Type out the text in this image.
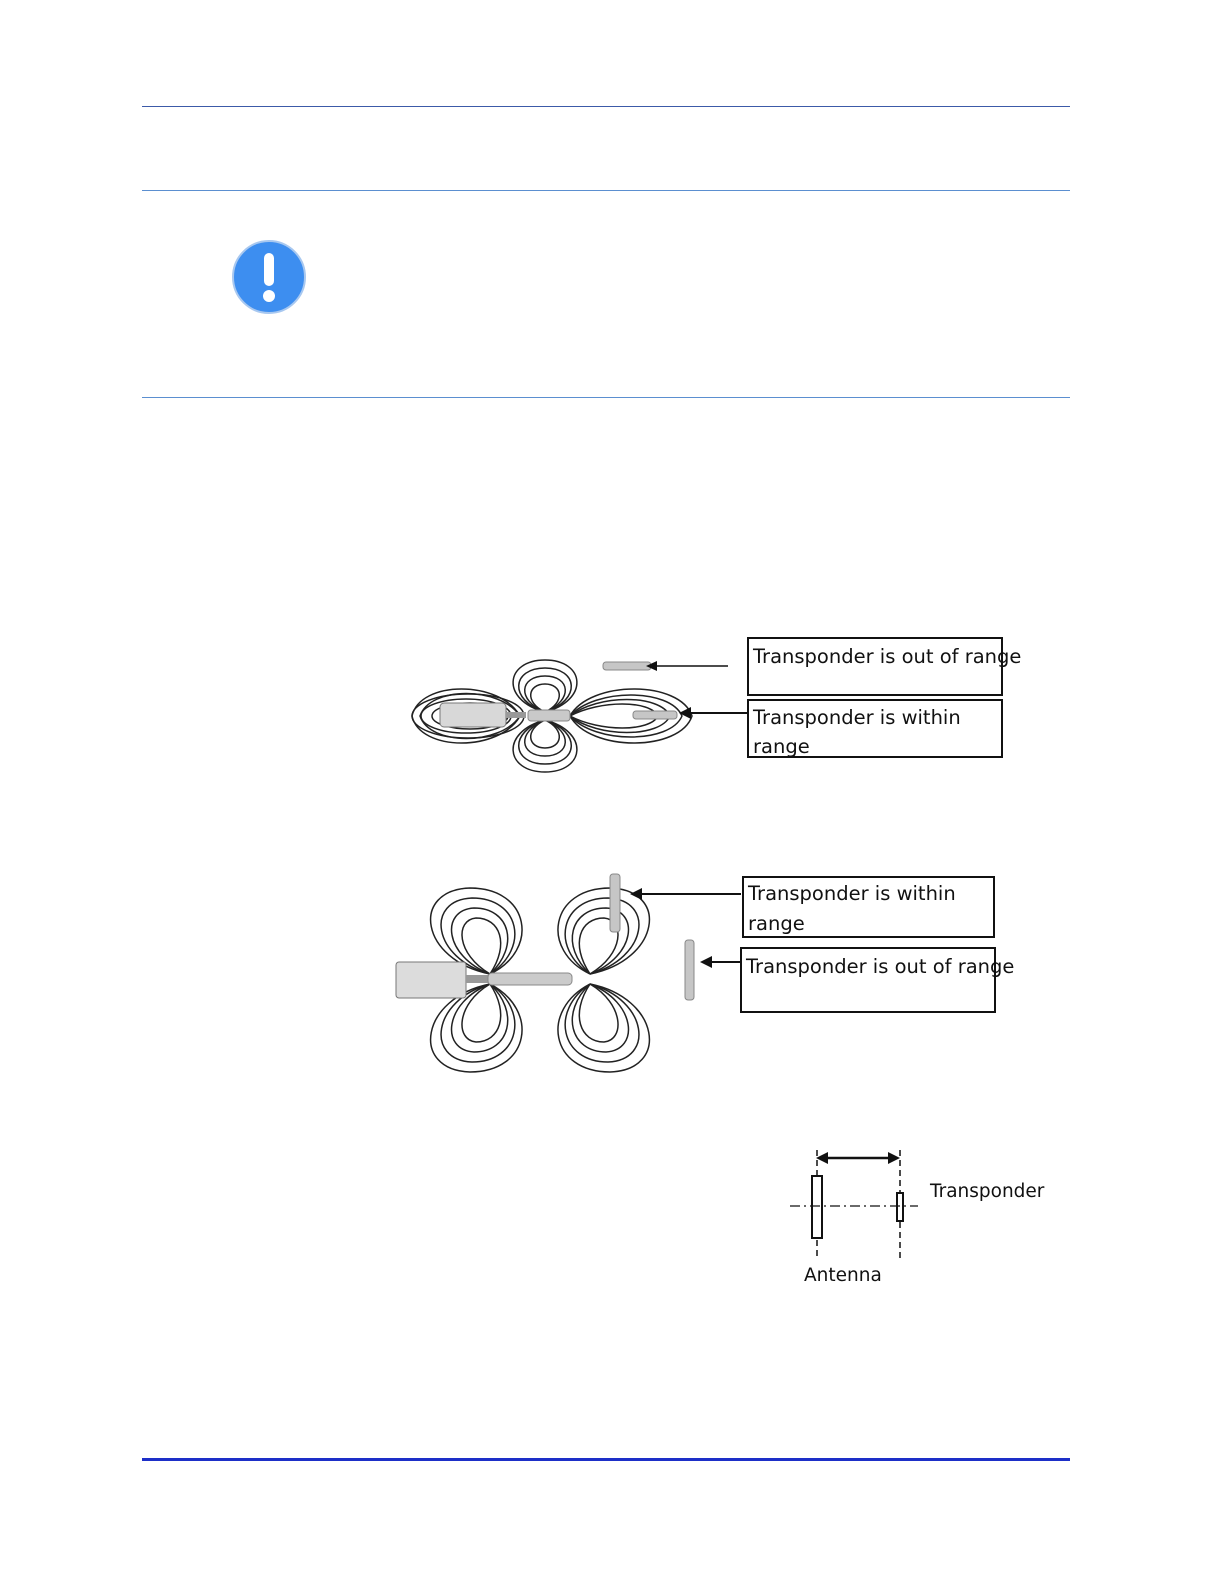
Transponder is out of range
Transponder is within
range
Transponder is within
range
Transponder is out of range
Transponder
Antenna
